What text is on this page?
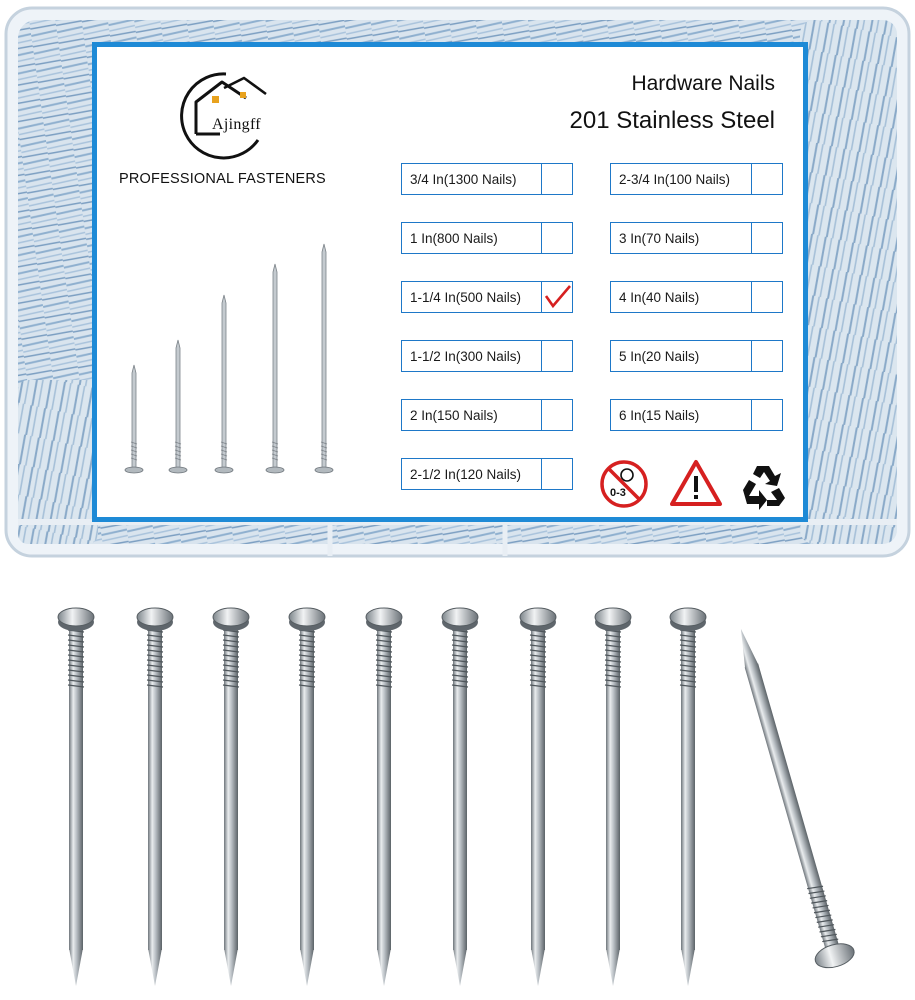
Ajingff
PROFESSIONAL FASTENERS
Hardware Nails
201 Stainless Steel
3/4 In(1300 Nails)
1 In(800 Nails)
1-1/4 In(500 Nails)
1-1/2 In(300 Nails)
2 In(150 Nails)
2-1/2 In(120 Nails)
2-3/4 In(100 Nails)
3 In(70 Nails)
4 In(40 Nails)
5 In(20 Nails)
6 In(15 Nails)
0-3
